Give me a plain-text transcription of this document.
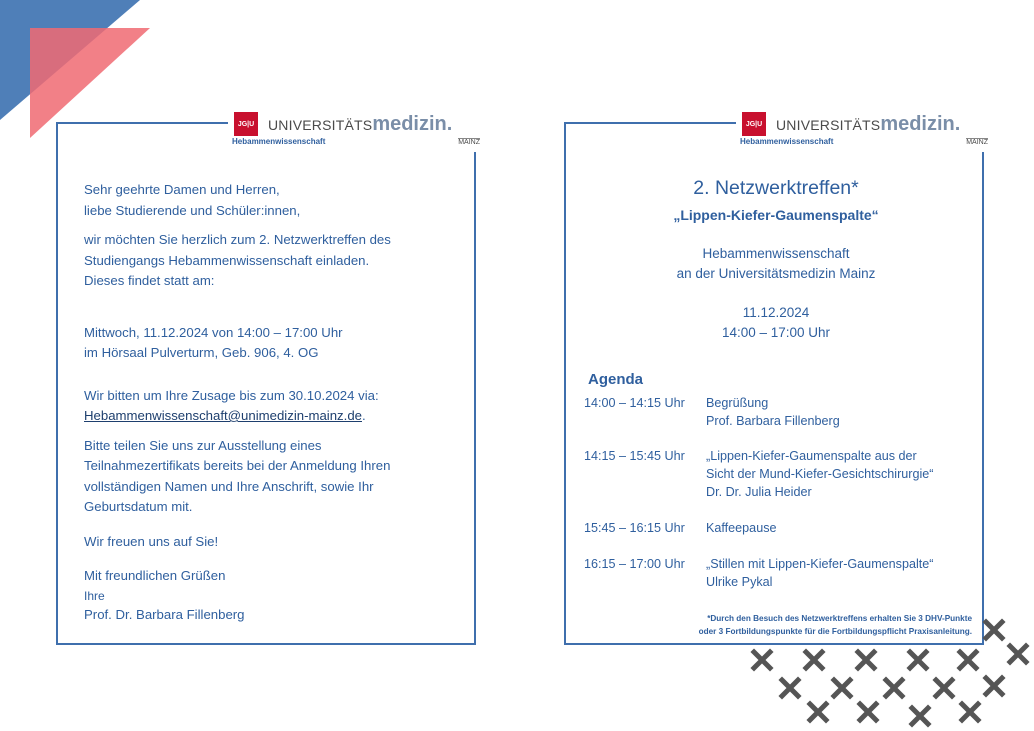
JG|U UNIVERSITÄTSmedizin.
Hebammenwissenschaft	MAINZ

Sehr geehrte Damen und Herren,

liebe Studierende und Schüler:innen,

wir möchten Sie herzlich zum 2. Netzwerktreffen des

Studiengangs Hebammenwissenschaft einladen.

Dieses findet statt am:

Mittwoch, 11.12.2024 von 14:00 – 17:00 Uhr

im Hörsaal Pulverturm, Geb. 906, 4. OG

Wir bitten um Ihre Zusage bis zum 30.10.2024 via:

Hebammenwissenschaft@unimedizin-mainz.de.

Bitte teilen Sie uns zur Ausstellung eines

Teilnahmezertifikats bereits bei der Anmeldung Ihren

vollständigen Namen und Ihre Anschrift, sowie Ihr

Geburtsdatum mit.

Wir freuen uns auf Sie!

Mit freundlichen Grüßen

Ihre

Prof. Dr. Barbara Fillenberg

JG|U UNIVERSITÄTSmedizin.
Hebammenwissenschaft	MAINZ
2. Netzwerktreffen*
„Lippen-Kiefer-Gaumenspalte“
Hebammenwissenschaft
an der Universitätsmedizin Mainz
11.12.2024
14:00 – 17:00 Uhr
Agenda
14:00 – 14:15 Uhr	Begrüßung
Prof. Barbara Fillenberg
14:15 – 15:45 Uhr	„Lippen-Kiefer-Gaumenspalte aus der
Sicht der Mund-Kiefer-Gesichtschirurgie“
Dr. Dr. Julia Heider
15:45 – 16:15 Uhr	Kaffeepause
16:15 – 17:00 Uhr	„Stillen mit Lippen-Kiefer-Gaumenspalte“
Ulrike Pykal
*Durch den Besuch des Netzwerktreffens erhalten Sie 3 DHV-Punkte
oder 3 Fortbildungspunkte für die Fortbildungspflicht Praxisanleitung.
